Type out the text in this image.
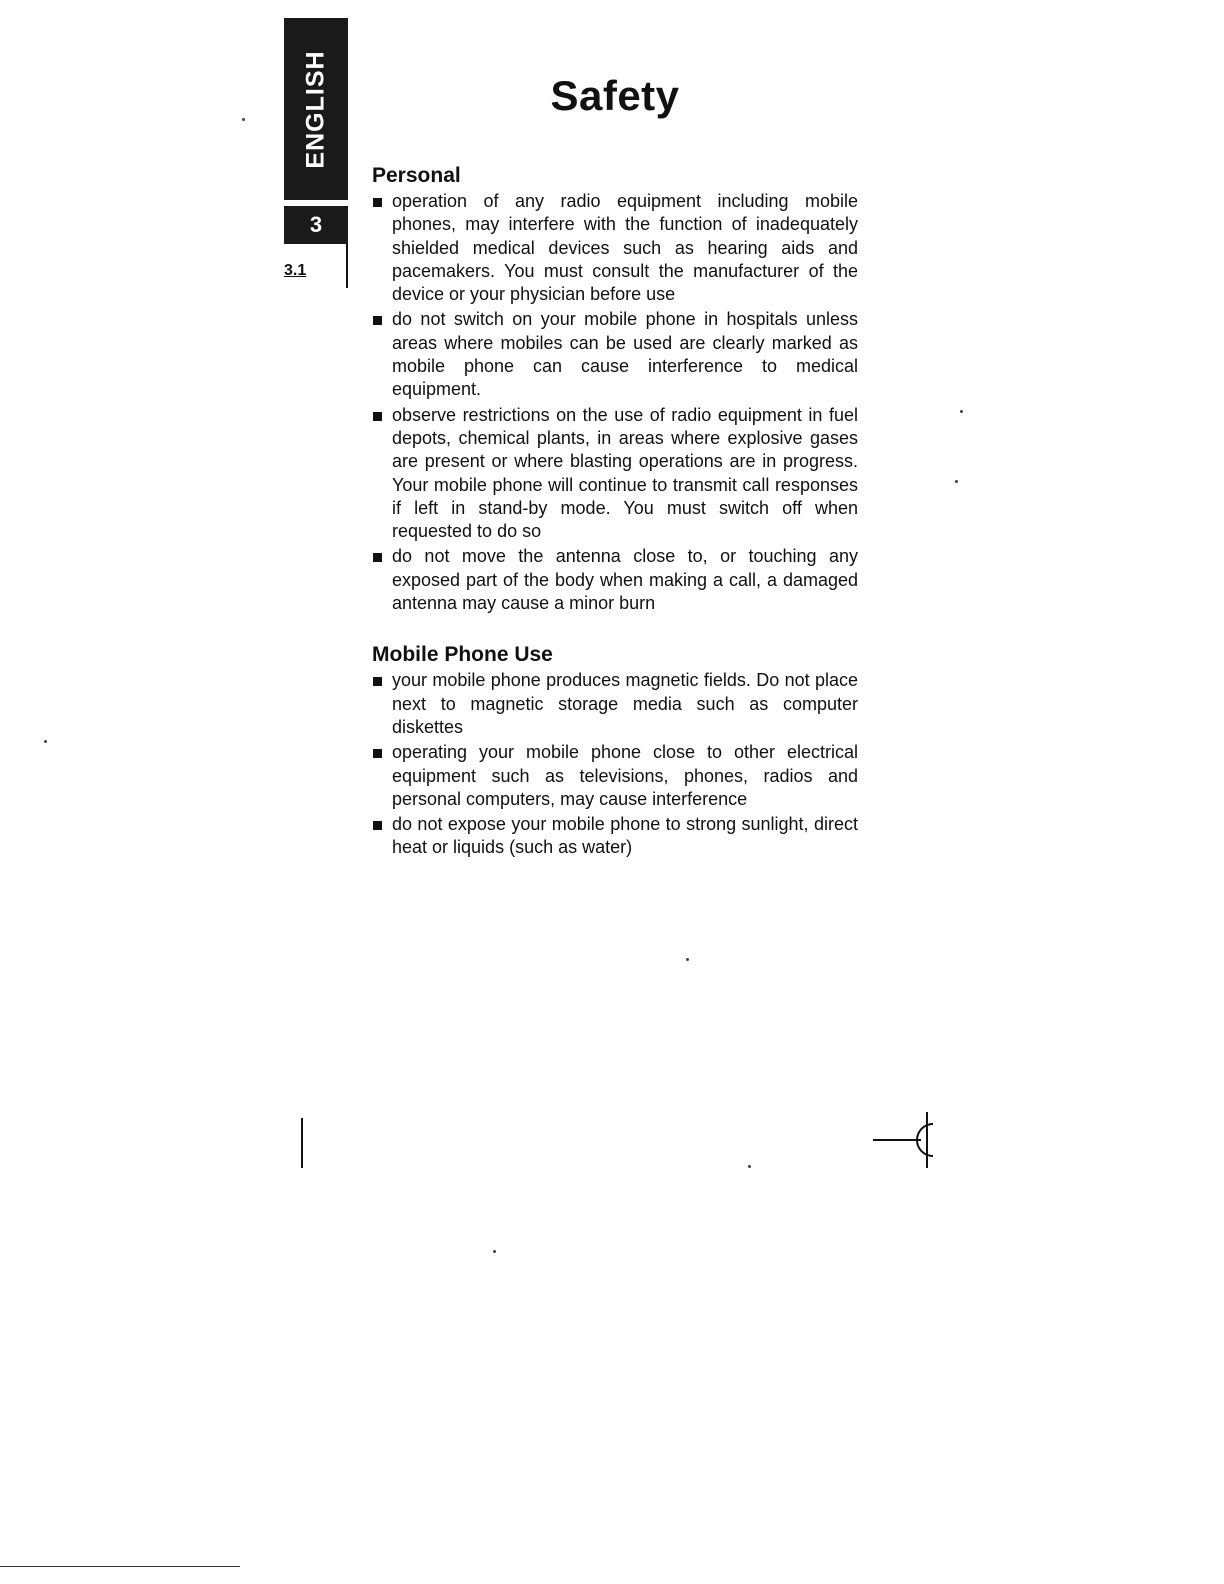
ENGLISH
3
3.1
Safety
Personal
operation of any radio equipment including mobile phones, may interfere with the function of inadequately shielded medical devices such as hearing aids and pacemakers. You must consult the manufacturer of the device or your physician before use
do not switch on your mobile phone in hospitals unless areas where mobiles can be used are clearly marked as mobile phone can cause interference to medical equipment.
observe restrictions on the use of radio equipment in fuel depots, chemical plants, in areas where explosive gases are present or where blasting operations are in progress. Your mobile phone will continue to transmit call responses if left in stand-by mode. You must switch off when requested to do so
do not move the antenna close to, or touching any exposed part of the body when making a call, a damaged antenna may cause a minor burn
Mobile Phone Use
your mobile phone produces magnetic fields. Do not place next to magnetic storage media such as computer diskettes
operating your mobile phone close to other electrical equipment such as televisions, phones, radios and personal computers, may cause interference
do not expose your mobile phone to strong sunlight, direct heat or liquids (such as water)
